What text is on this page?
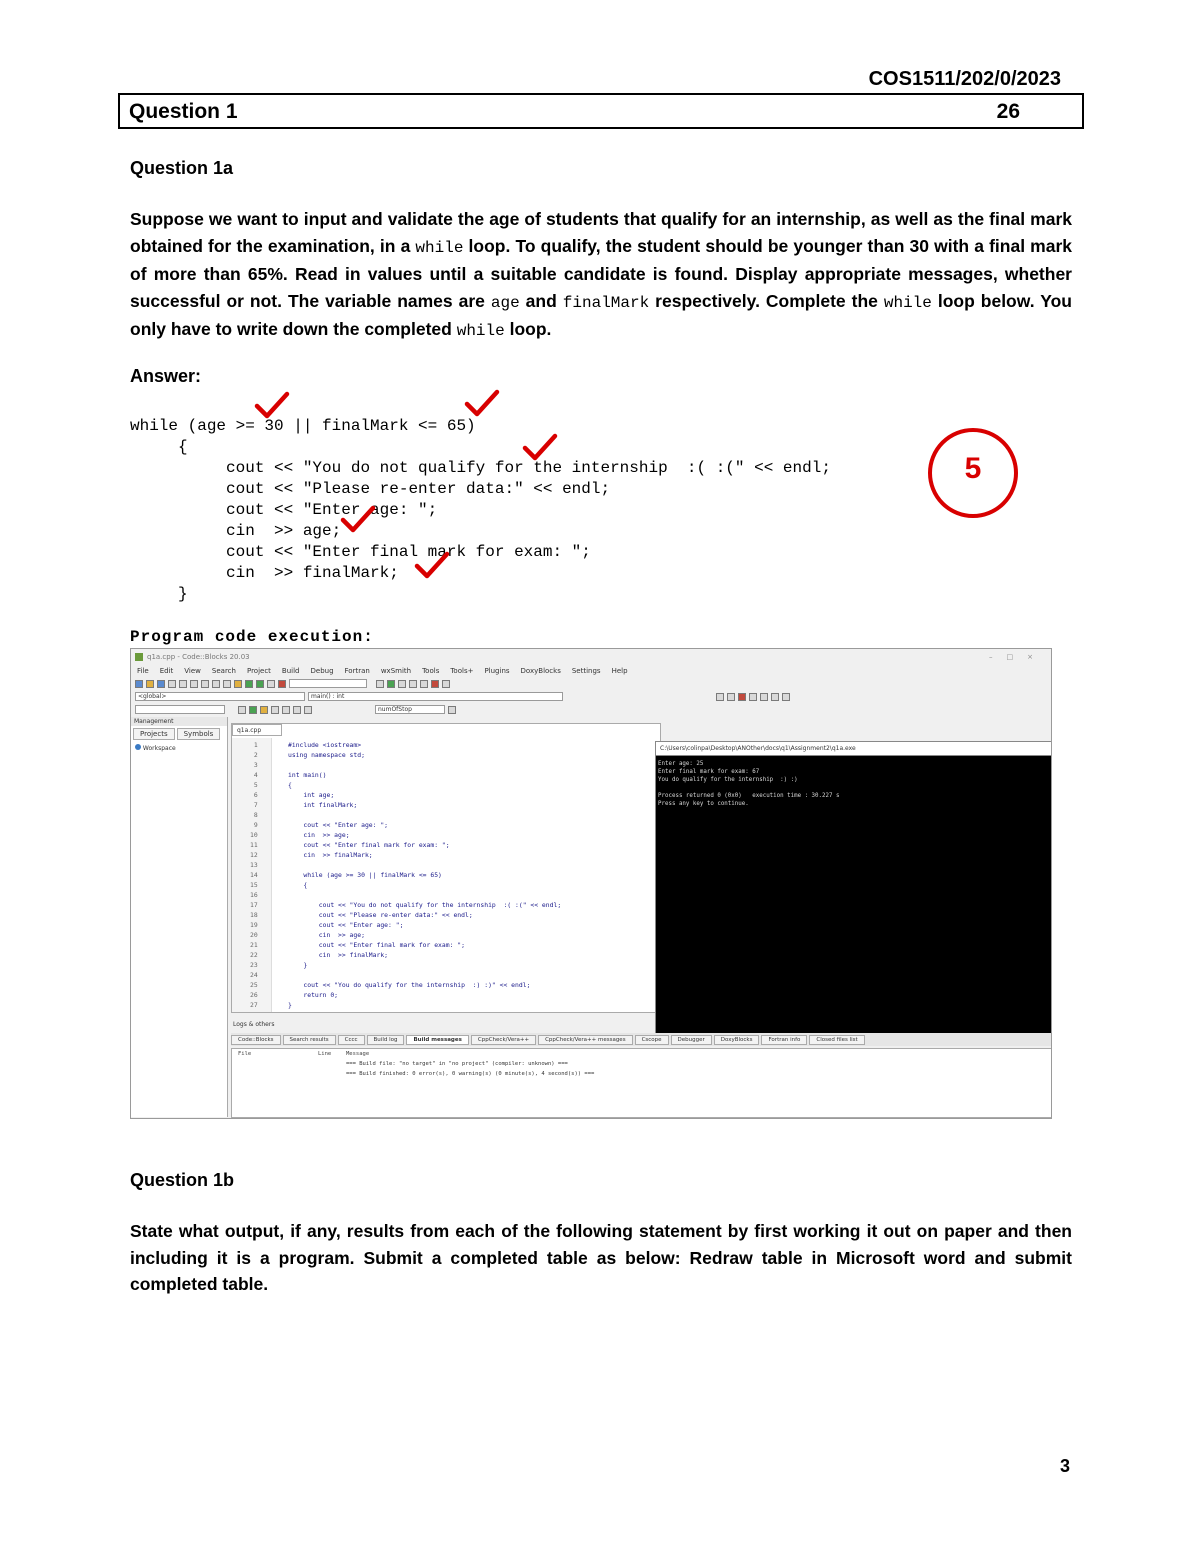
COS1511/202/0/2023
Question 1	26
Question 1a
Suppose we want to input and validate the age of students that qualify for an internship, as well as the final mark obtained for the examination, in a while loop. To qualify, the student should be younger than 30 with a final mark of more than 65%. Read in values until a suitable candidate is found. Display appropriate messages, whether successful or not. The variable names are age and finalMark respectively. Complete the while loop below. You only have to write down the completed while loop.
Answer:
while (age >= 30 || finalMark <= 65)
{
cout << "You do not qualify for the internship  :( :(" << endl;
cout << "Please re-enter data:" << endl;
cout << "Enter age: ";
cin  >> age;
cout << "Enter final mark for exam: ";
cin  >> finalMark;
}
5
Program code execution:
q1a.cpp - Code::Blocks 20.03	–□×
File Edit View Search Project Build Debug Fortran wxSmith Tools Tools+ Plugins DoxyBlocks Settings Help
<global>	main() : int
numOfStop
Management
Projects	Symbols
Workspace
q1a.cpp
1
2
3
4
5
6
7
8
9
10
11
12
13
14
15
16
17
18
19
20
21
22
23
24
25
26
27
#include <iostream>
using namespace std;
int main()
{
int age;
int finalMark;
cout << "Enter age: ";
cin  >> age;
cout << "Enter final mark for exam: ";
cin  >> finalMark;
while (age >= 30 || finalMark <= 65)
{
cout << "You do not qualify for the internship  :( :(" << endl;
cout << "Please re-enter data:" << endl;
cout << "Enter age: ";
cin  >> age;
cout << "Enter final mark for exam: ";
cin  >> finalMark;
}
cout << "You do qualify for the internship  :) :)" << endl;
return 0;
}
Enter age: 25
Enter final mark for exam: 67
You do qualify for the internship  :) :)
Process returned 0 (0x0)   execution time : 30.227 s
Press any key to continue.
C:\Users\colinpa\Desktop\ANOther\docs\q1\Assignment2\q1a.exe
Logs & others
Code::Blocks	Search results	Cccc	Build log	Build messages	CppCheck/Vera++	CppCheck/Vera++ messages	Cscope	Debugger	DoxyBlocks	Fortran info	Closed files list
File	Line	Message
=== Build file: "no target" in "no project" (compiler: unknown) ===
=== Build finished: 0 error(s), 0 warning(s) (0 minute(s), 4 second(s)) ===
Question 1b
State what output, if any, results from each of the following statement by first working it out on paper and then including it is a program. Submit a completed table as below: Redraw table in Microsoft word and submit completed table.
3
